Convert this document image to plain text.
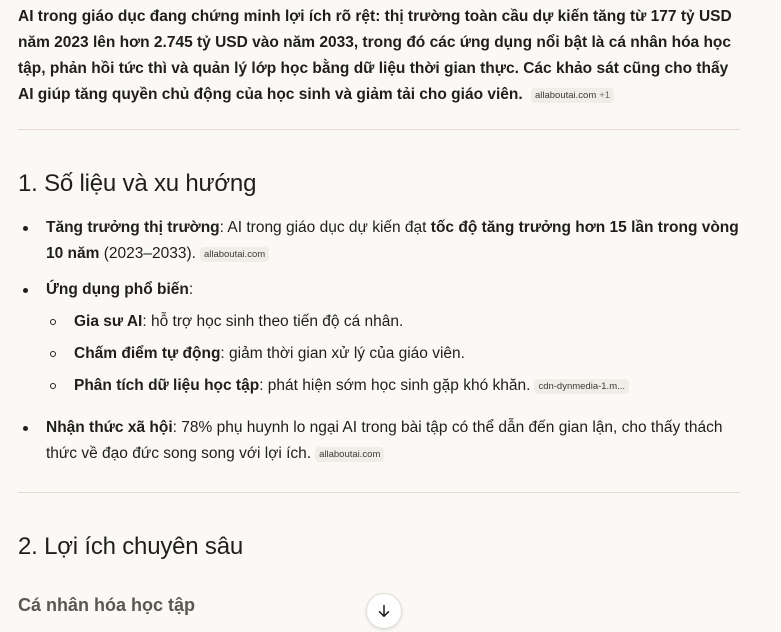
AI trong giáo dục đang chứng minh lợi ích rõ rệt: thị trường toàn cầu dự kiến tăng từ 177 tỷ USD năm 2023 lên hơn 2.745 tỷ USD vào năm 2033, trong đó các ứng dụng nổi bật là cá nhân hóa học tập, phản hồi tức thì và quản lý lớp học bằng dữ liệu thời gian thực. Các khảo sát cũng cho thấy AI giúp tăng quyền chủ động của học sinh và giảm tải cho giáo viên. allaboutai.com +1

1. Số liệu và xu hướng
Tăng trưởng thị trường: AI trong giáo dục dự kiến đạt tốc độ tăng trưởng hơn 15 lần trong vòng 10 năm (2023–2033). allaboutai.com
Ứng dụng phổ biến:
Gia sư AI: hỗ trợ học sinh theo tiến độ cá nhân.
Chấm điểm tự động: giảm thời gian xử lý của giáo viên.
Phân tích dữ liệu học tập: phát hiện sớm học sinh gặp khó khăn. cdn-dynmedia-1.m...
Nhận thức xã hội: 78% phụ huynh lo ngại AI trong bài tập có thể dẫn đến gian lận, cho thấy thách thức về đạo đức song song với lợi ích. allaboutai.com
2. Lợi ích chuyên sâu
Cá nhân hóa học tập
